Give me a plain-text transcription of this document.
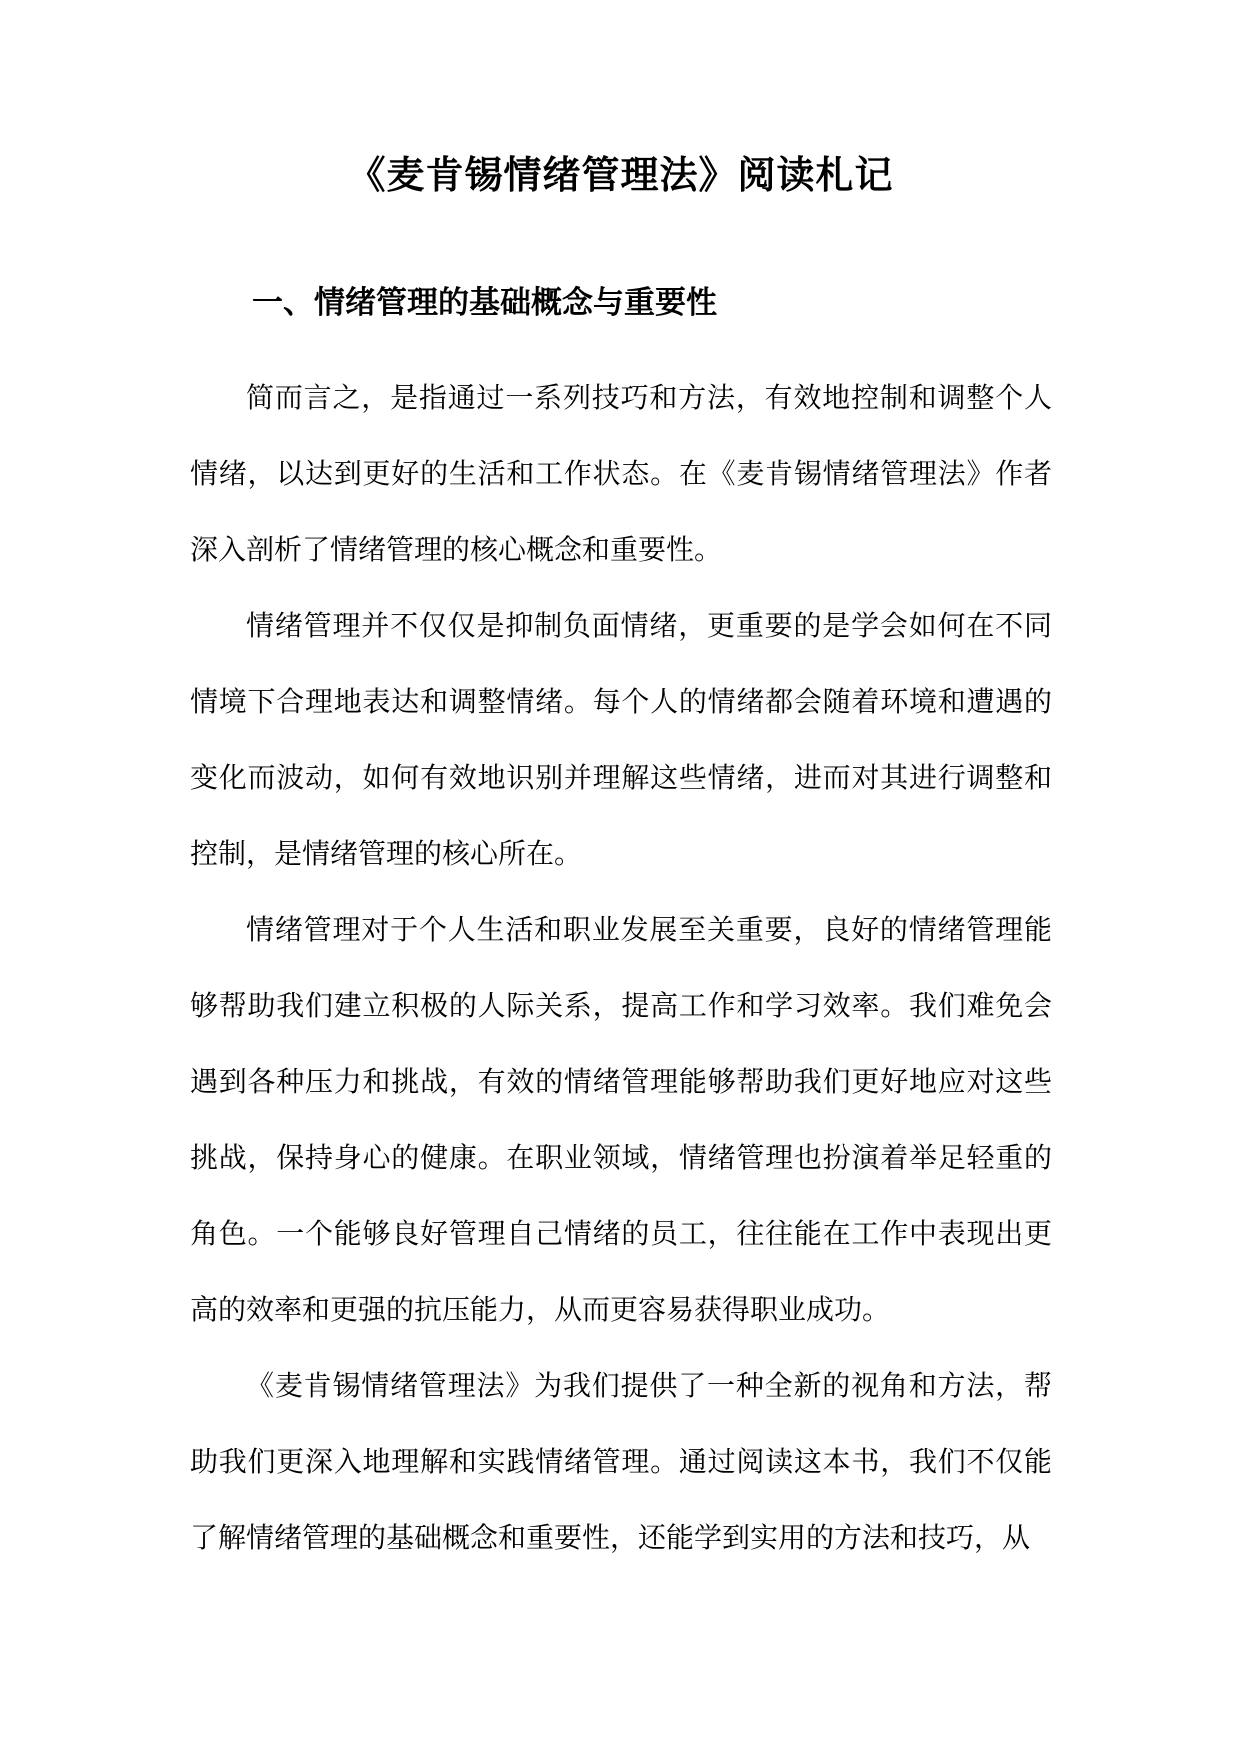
《麦肯锡情绪管理法》阅读札记
一、情绪管理的基础概念与重要性

简而言之，是指通过一系列技巧和方法，有效地控制和调整个人情绪，以达到更好的生活和工作状态。在《麦肯锡情绪管理法》作者深入剖析了情绪管理的核心概念和重要性。

情绪管理并不仅仅是抑制负面情绪，更重要的是学会如何在不同情境下合理地表达和调整情绪。每个人的情绪都会随着环境和遭遇的变化而波动，如何有效地识别并理解这些情绪，进而对其进行调整和控制，是情绪管理的核心所在。

情绪管理对于个人生活和职业发展至关重要，良好的情绪管理能够帮助我们建立积极的人际关系，提高工作和学习效率。我们难免会遇到各种压力和挑战，有效的情绪管理能够帮助我们更好地应对这些挑战，保持身心的健康。在职业领域，情绪管理也扮演着举足轻重的角色。一个能够良好管理自己情绪的员工，往往能在工作中表现出更高的效率和更强的抗压能力，从而更容易获得职业成功。

《麦肯锡情绪管理法》为我们提供了一种全新的视角和方法，帮助我们更深入地理解和实践情绪管理。通过阅读这本书，我们不仅能了解情绪管理的基础概念和重要性，还能学到实用的方法和技巧，从
